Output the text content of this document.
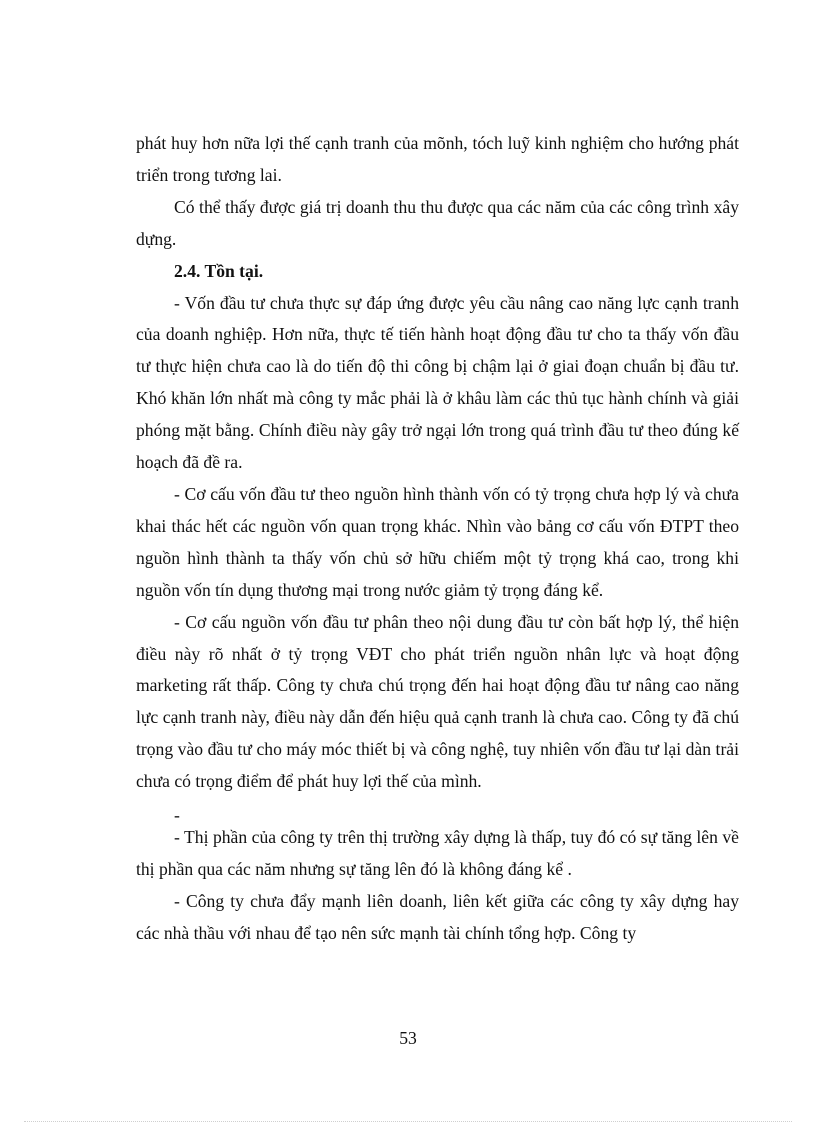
phát huy hơn nữa lợi thế cạnh tranh của mõnh, tóch luỹ kinh nghiệm cho hướng phát triển trong tương lai.

Có thể thấy được giá trị doanh thu thu được qua các năm của các công trình xây dựng.

2.4. Tồn tại.

- Vốn đầu tư chưa thực sự đáp ứng được yêu cầu nâng cao năng lực cạnh tranh của doanh nghiệp. Hơn nữa, thực tế tiến hành hoạt động đầu tư cho ta thấy vốn đầu tư thực hiện chưa cao là do tiến độ thi công bị chậm lại ở giai đoạn chuẩn bị đầu tư. Khó khăn lớn nhất mà công ty mắc phải là ở khâu làm các thủ tục hành chính và giải phóng mặt bằng. Chính điều này gây trở ngại lớn trong quá trình đầu tư theo đúng kế hoạch đã đề ra.

- Cơ cấu vốn đầu tư theo nguồn hình thành vốn có tỷ trọng chưa hợp lý và chưa khai thác hết các nguồn vốn quan trọng khác. Nhìn vào bảng cơ cấu vốn ĐTPT theo nguồn hình thành ta thấy vốn chủ sở hữu chiếm một tỷ trọng khá cao, trong khi nguồn vốn tín dụng thương mại trong nước giảm tỷ trọng đáng kể.

- Cơ cấu nguồn vốn đầu tư phân theo nội dung đầu tư còn bất hợp lý, thể hiện điều này rõ nhất ở tỷ trọng VĐT cho phát triển nguồn nhân lực và hoạt động marketing rất thấp. Công ty chưa chú trọng đến hai hoạt động đầu tư nâng cao năng lực cạnh tranh này, điều này dẫn đến hiệu quả cạnh tranh là chưa cao. Công ty đã chú trọng vào đầu tư cho máy móc thiết bị và công nghệ, tuy nhiên vốn đầu tư lại dàn trải chưa có trọng điểm để phát huy lợi thế của mình.

-

- Thị phần của công ty trên thị trường xây dựng là thấp, tuy đó có sự tăng lên về thị phần qua các năm nhưng sự tăng lên đó là không đáng kể .

- Công ty chưa đẩy mạnh liên doanh, liên kết giữa các công ty xây dựng hay các nhà thầu với nhau để tạo nên sức mạnh tài chính tổng hợp. Công ty

53
